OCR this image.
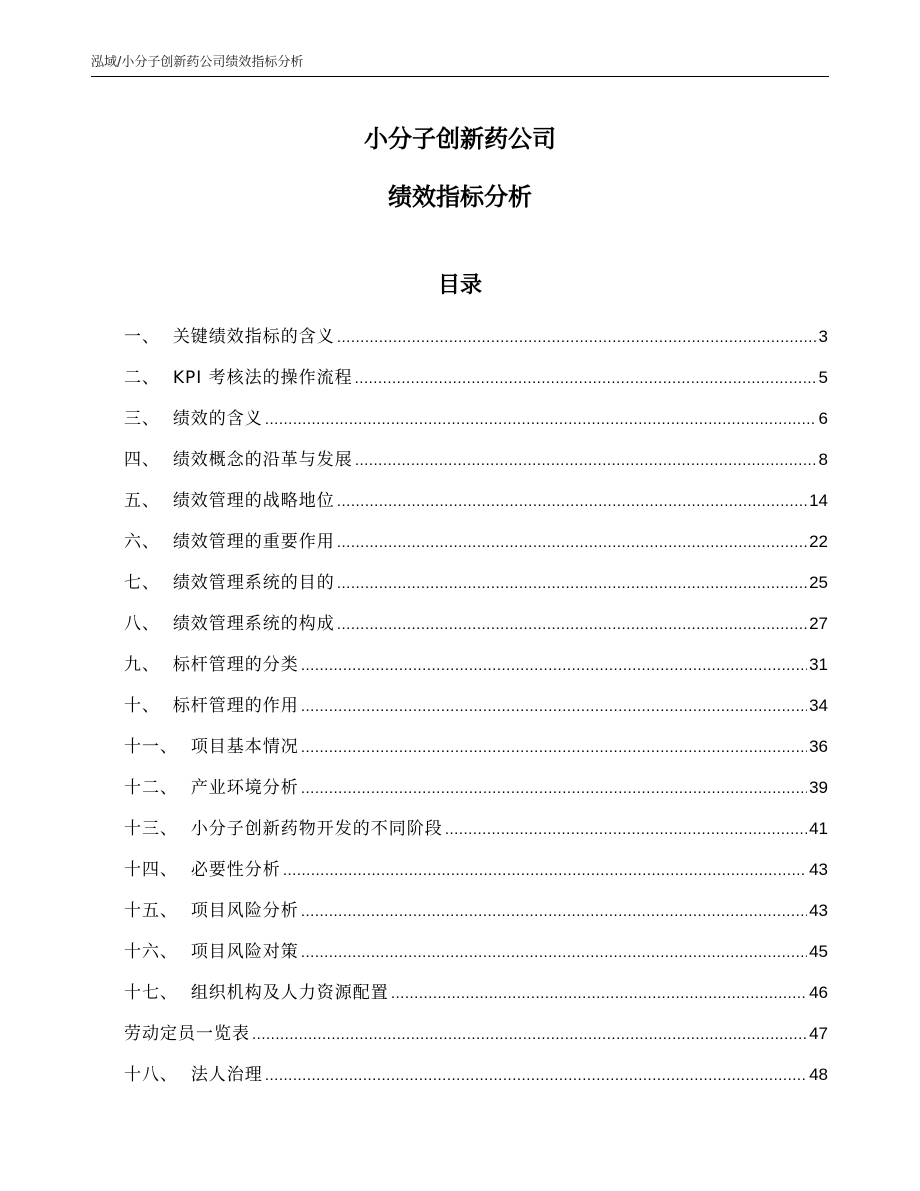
泓域/小分子创新药公司绩效指标分析
小分子创新药公司
绩效指标分析
目录
一、 关键绩效指标的含义 .....	3
二、 KPI 考核法的操作流程 .....	5
三、 绩效的含义 .....	6
四、 绩效概念的沿革与发展 .....	8
五、 绩效管理的战略地位 .....	14
六、 绩效管理的重要作用 .....	22
七、 绩效管理系统的目的 .....	25
八、 绩效管理系统的构成 .....	27
九、 标杆管理的分类 .....	31
十、 标杆管理的作用 .....	34
十一、 项目基本情况 .....	36
十二、 产业环境分析 .....	39
十三、 小分子创新药物开发的不同阶段 .....	41
十四、 必要性分析 .....	43
十五、 项目风险分析 .....	43
十六、 项目风险对策 .....	45
十七、 组织机构及人力资源配置 .....	46
劳动定员一览表 .....	47
十八、 法人治理 .....	48
